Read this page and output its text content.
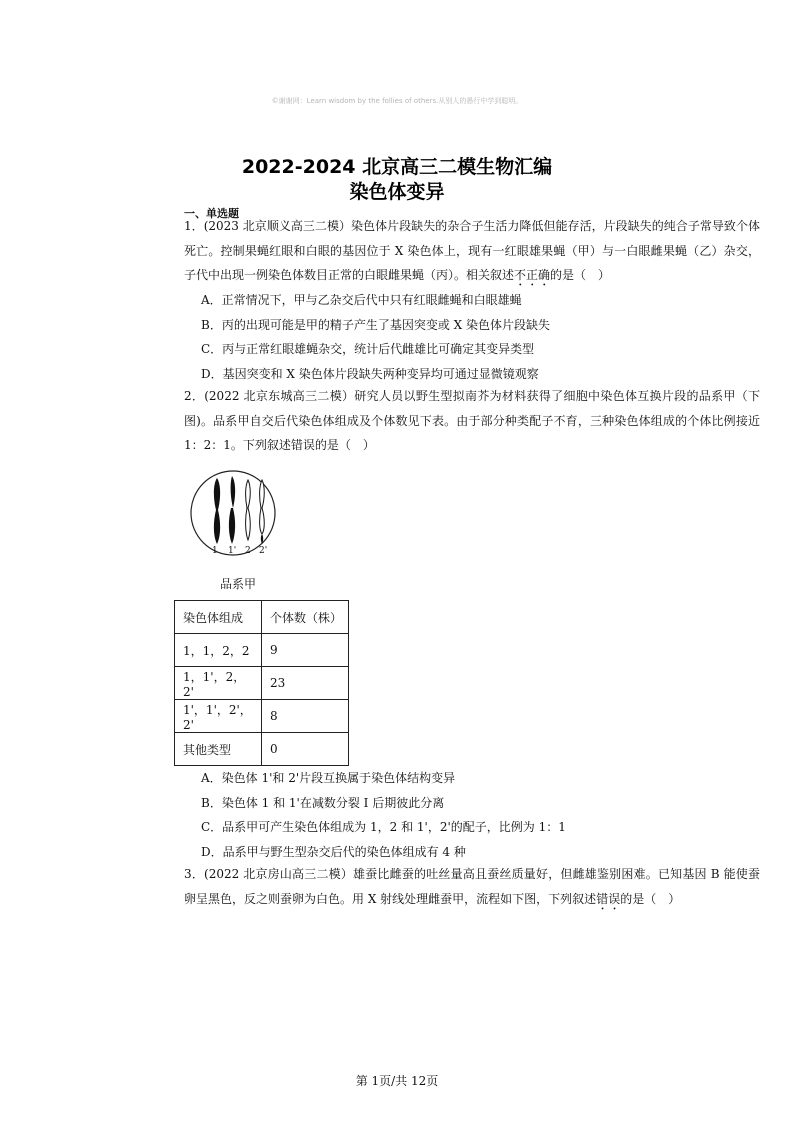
©谢谢网：Learn wisdom by the follies of others.从别人的愚行中学到聪明。
2022-2024 北京高三二模生物汇编
染色体变异
一、单选题

1．(2023 北京顺义高三二模）染色体片段缺失的杂合子生活力降低但能存活，片段缺失的纯合子常导致个体死亡。控制果蝇红眼和白眼的基因位于 X 染色体上，现有一红眼雄果蝇（甲）与一白眼雌果蝇（乙）杂交，子代中出现一例染色体数目正常的白眼雌果蝇（丙）。相关叙述不正确的是（　）

A．正常情况下，甲与乙杂交后代中只有红眼雌蝇和白眼雄蝇
B．丙的出现可能是甲的精子产生了基因突变或 X 染色体片段缺失
C．丙与正常红眼雄蝇杂交，统计后代雌雄比可确定其变异类型
D．基因突变和 X 染色体片段缺失两种变异均可通过显微镜观察

2．(2022 北京东城高三二模）研究人员以野生型拟南芥为材料获得了细胞中染色体互换片段的品系甲（下图)。品系甲自交后代染色体组成及个体数见下表。由于部分种类配子不育，三种染色体组成的个体比例接近 1：2：1。下列叙述错误的是（　）

1 1' 2 2'
品系甲
染色体组成	个体数（株）
1，1，2，2	9
1，1'，2，2'	23
1'，1'，2'，2'	8
其他类型	0
A．染色体 1'和 2'片段互换属于染色体结构变异
B．染色体 1 和 1'在减数分裂 I 后期彼此分离
C．品系甲可产生染色体组成为 1，2 和 1'，2'的配子，比例为 1：1
D．品系甲与野生型杂交后代的染色体组成有 4 种

3．(2022 北京房山高三二模）雄蚕比雌蚕的吐丝量高且蚕丝质量好，但雌雄鉴别困难。已知基因 B 能使蚕卵呈黑色，反之则蚕卵为白色。用 X 射线处理雌蚕甲，流程如下图，下列叙述错误的是（　）

第 1页/共 12页
